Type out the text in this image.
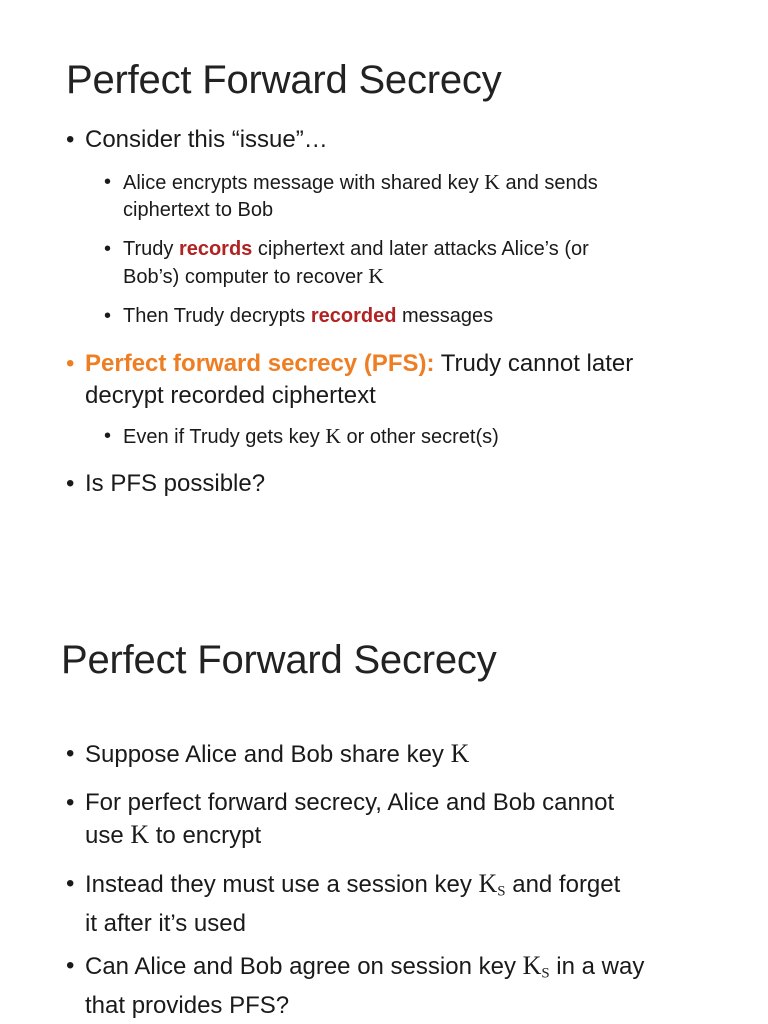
Perfect Forward Secrecy
• Consider this “issue”…
• Alice encrypts message with shared key K and sends
ciphertext to Bob
• Trudy records ciphertext and later attacks Alice’s (or
Bob’s) computer to recover K
• Then Trudy decrypts recorded messages
• Perfect forward secrecy (PFS): Trudy cannot later
decrypt recorded ciphertext
• Even if Trudy gets key K or other secret(s)
• Is PFS possible?
Perfect Forward Secrecy
• Suppose Alice and Bob share key K
• For perfect forward secrecy, Alice and Bob cannot
use K to encrypt
• Instead they must use a session key $K_S$ and forget
it after it’s used
• Can Alice and Bob agree on session key $K_S$ in a way
that provides PFS?
